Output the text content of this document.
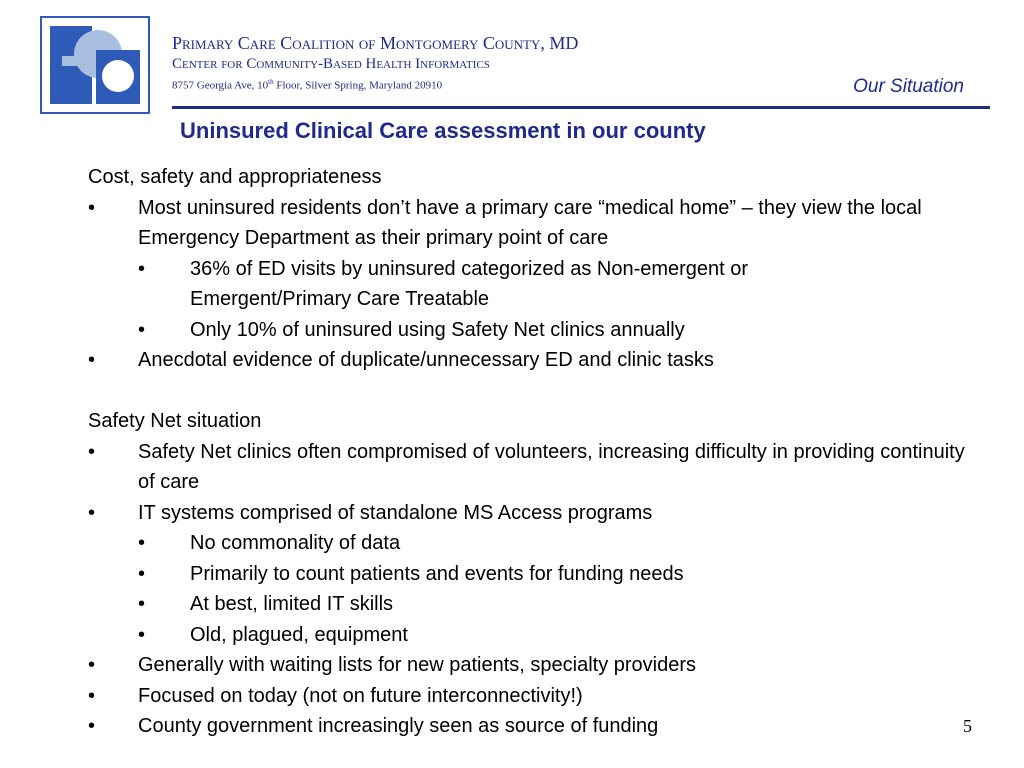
Primary Care Coalition of Montgomery County, MD
Center for Community-Based Health Informatics
8757 Georgia Ave, 10th Floor, Silver Spring, Maryland 20910	Our Situation
Uninsured Clinical Care assessment in our county
Cost, safety and appropriateness
•	Most uninsured residents don’t have a primary care “medical home” – they view the local Emergency Department as their primary point of care
•	36% of ED visits by uninsured categorized as Non-emergent or Emergent/Primary Care Treatable
•	Only 10% of uninsured using Safety Net clinics annually
•	Anecdotal evidence of duplicate/unnecessary ED and clinic tasks
Safety Net situation
•	Safety Net clinics often compromised of volunteers, increasing difficulty in providing continuity of care
•	IT systems comprised of standalone MS Access programs
•	No commonality of data
•	Primarily to count patients and events for funding needs
•	At best, limited IT skills
•	Old, plagued, equipment
•	Generally with waiting lists for new patients, specialty providers
•	Focused on today (not on future interconnectivity!)
•	County government increasingly seen as source of funding	5
